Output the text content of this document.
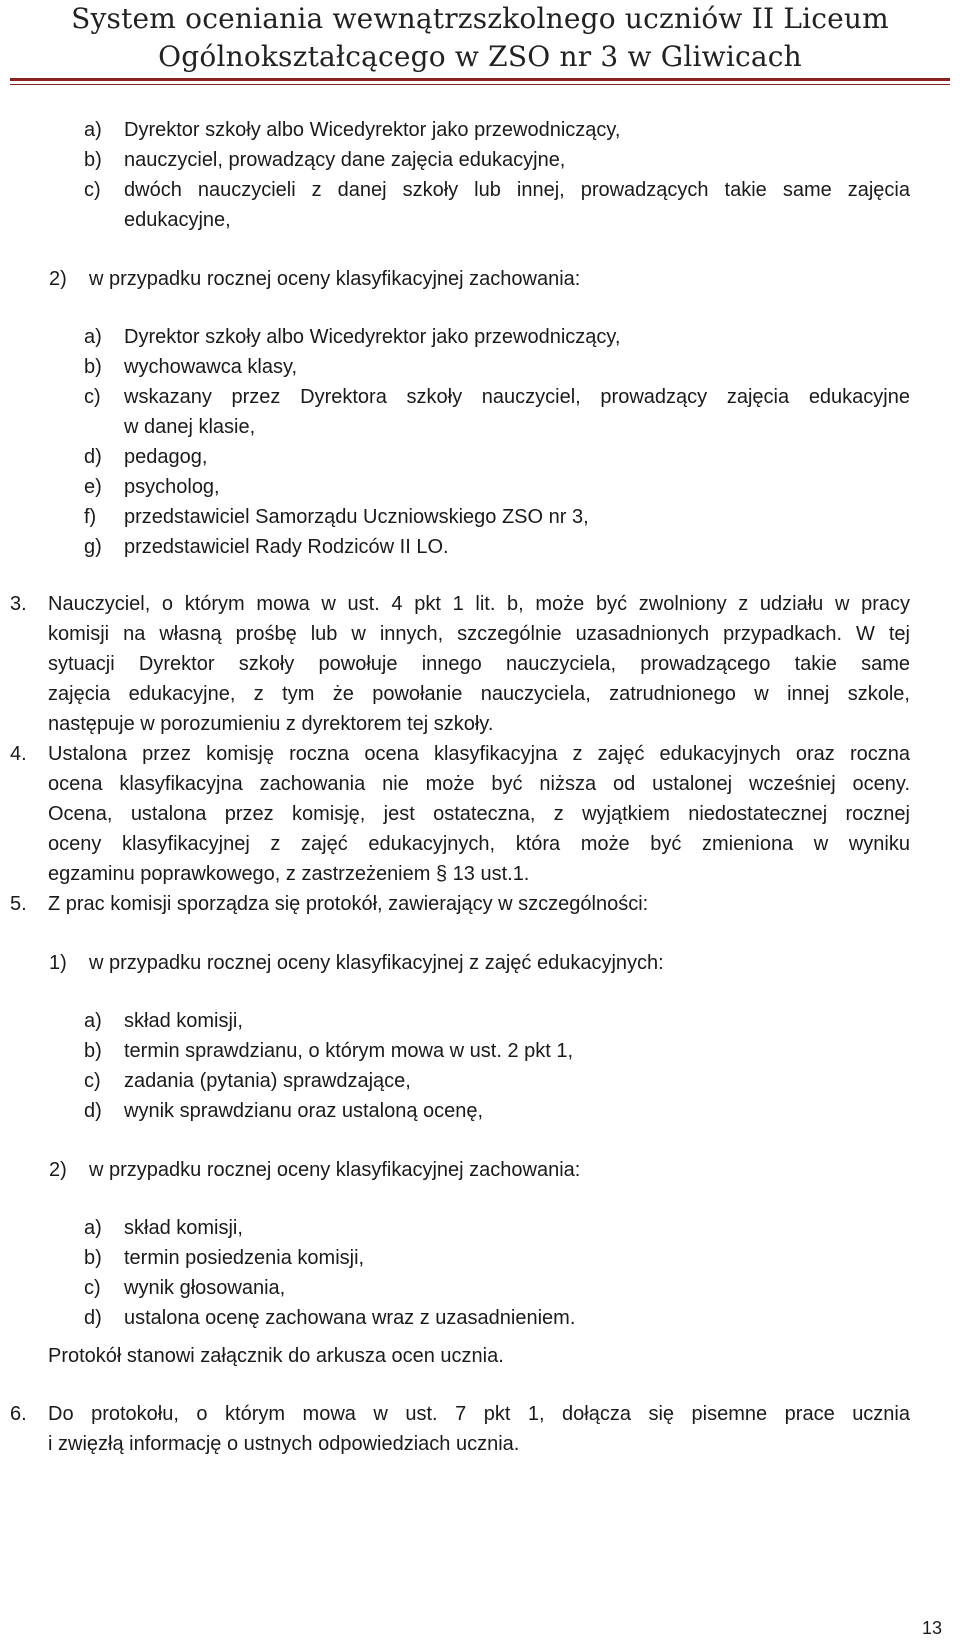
System oceniania wewnątrzszkolnego uczniów II Liceum
Ogólnokształcącego w ZSO nr 3 w Gliwicach
a) Dyrektor szkoły albo Wicedyrektor jako przewodniczący,
b) nauczyciel, prowadzący dane zajęcia edukacyjne,
c) dwóch nauczycieli z danej szkoły lub innej, prowadzących takie same zajęcia
edukacyjne,
2) w przypadku rocznej oceny klasyfikacyjnej zachowania:
a) Dyrektor szkoły albo Wicedyrektor jako przewodniczący,
b) wychowawca klasy,
c) wskazany przez Dyrektora szkoły nauczyciel, prowadzący zajęcia edukacyjne
w danej klasie,
d) pedagog,
e) psycholog,
f) przedstawiciel Samorządu Uczniowskiego ZSO nr 3,
g) przedstawiciel Rady Rodziców II LO.
3. Nauczyciel, o którym mowa w ust. 4 pkt 1 lit. b, może być zwolniony z udziału w pracy
komisji na własną prośbę lub w innych, szczególnie uzasadnionych przypadkach. W tej
sytuacji Dyrektor szkoły powołuje innego nauczyciela, prowadzącego takie same
zajęcia edukacyjne, z tym że powołanie nauczyciela, zatrudnionego w innej szkole,
następuje w porozumieniu z dyrektorem tej szkoły.
4. Ustalona przez komisję roczna ocena klasyfikacyjna z zajęć edukacyjnych oraz roczna
ocena klasyfikacyjna zachowania nie może być niższa od ustalonej wcześniej oceny.
Ocena, ustalona przez komisję, jest ostateczna, z wyjątkiem niedostatecznej rocznej
oceny klasyfikacyjnej z zajęć edukacyjnych, która może być zmieniona w wyniku
egzaminu poprawkowego, z zastrzeżeniem § 13 ust.1.
5. Z prac komisji sporządza się protokół, zawierający w szczególności:
1) w przypadku rocznej oceny klasyfikacyjnej z zajęć edukacyjnych:
a) skład komisji,
b) termin sprawdzianu, o którym mowa w ust. 2 pkt 1,
c) zadania (pytania) sprawdzające,
d) wynik sprawdzianu oraz ustaloną ocenę,
2) w przypadku rocznej oceny klasyfikacyjnej zachowania:
a) skład komisji,
b) termin posiedzenia komisji,
c) wynik głosowania,
d) ustalona ocenę zachowana wraz z uzasadnieniem.
Protokół stanowi załącznik do arkusza ocen ucznia.
6. Do protokołu, o którym mowa w ust. 7 pkt 1, dołącza się pisemne prace ucznia
i zwięzłą informację o ustnych odpowiedziach ucznia.
13
